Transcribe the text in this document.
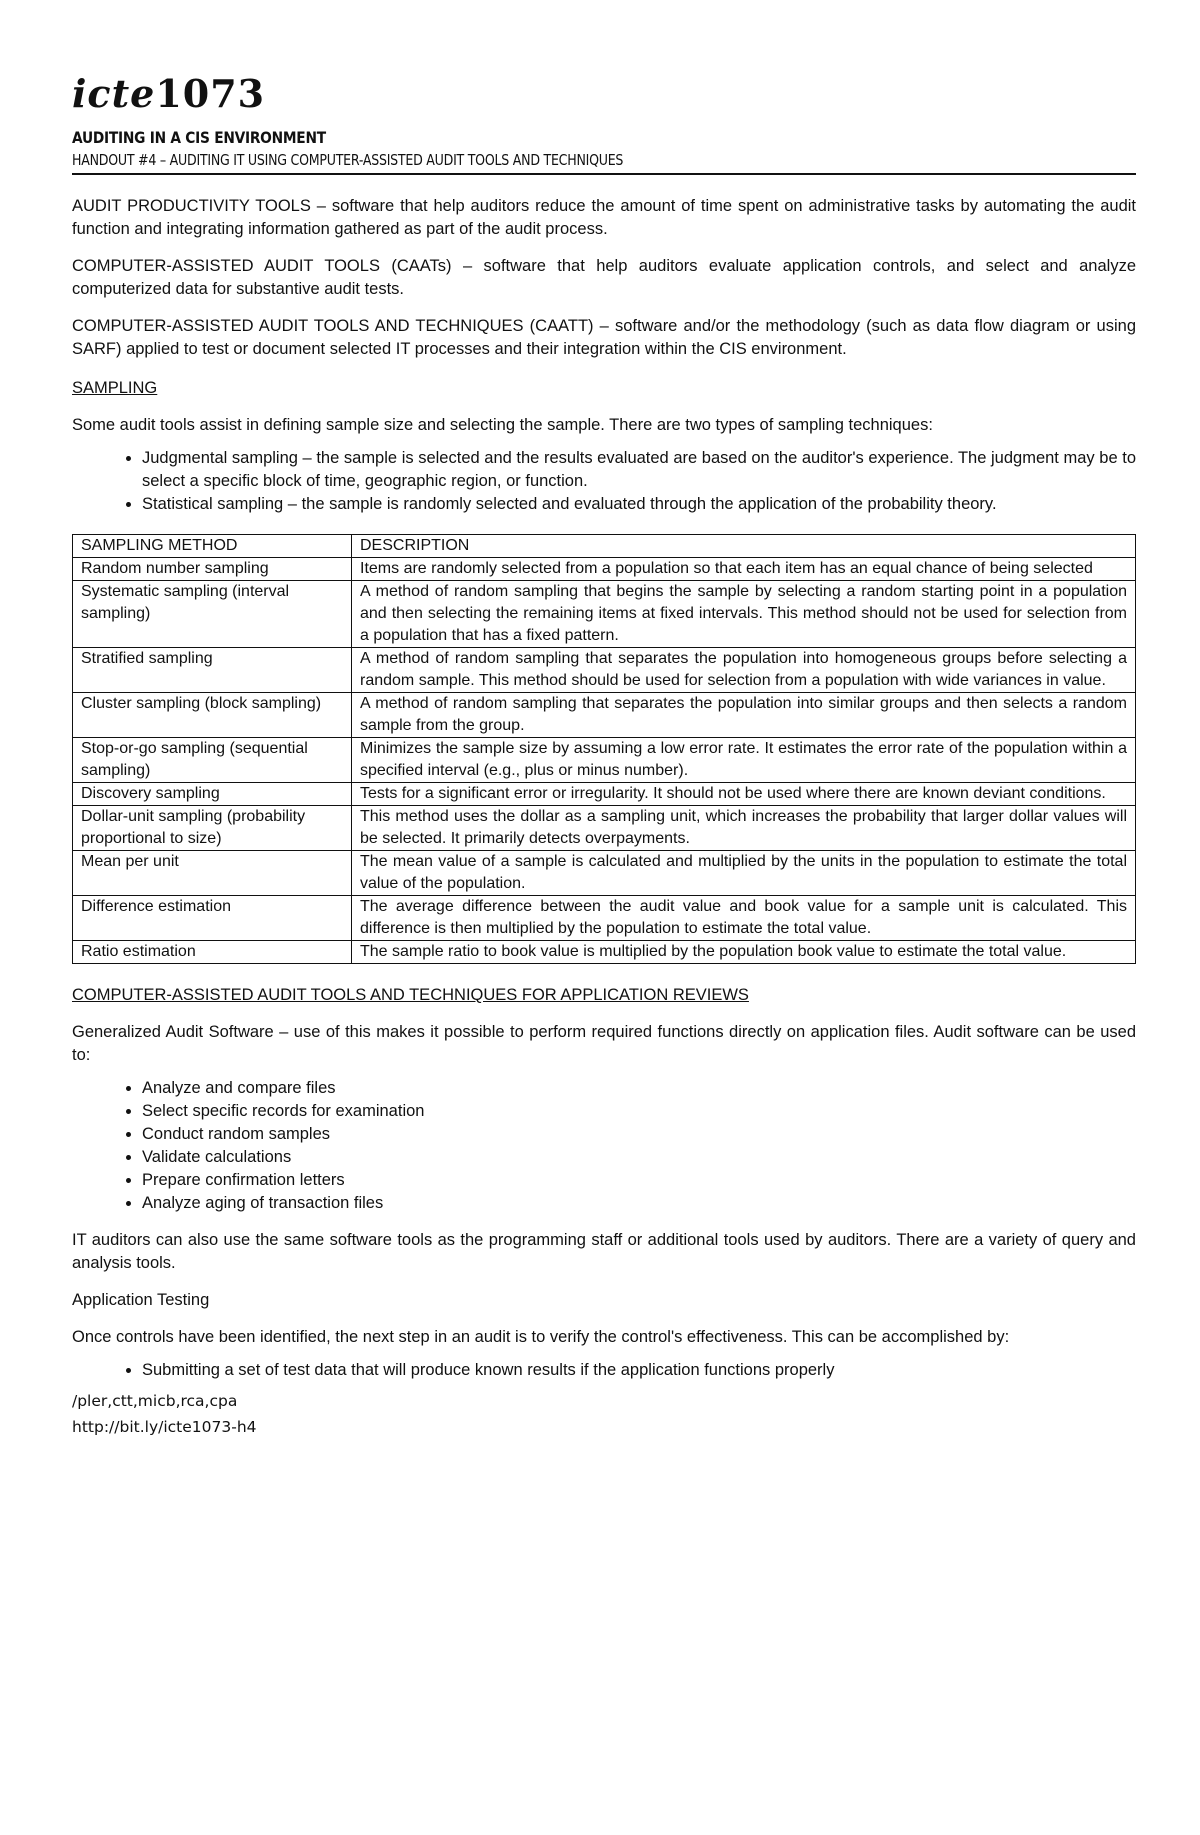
icte1073
AUDITING IN A CIS ENVIRONMENT
HANDOUT #4 – AUDITING IT USING COMPUTER-ASSISTED AUDIT TOOLS AND TECHNIQUES

AUDIT PRODUCTIVITY TOOLS – software that help auditors reduce the amount of time spent on administrative tasks by automating the audit function and integrating information gathered as part of the audit process.

COMPUTER-ASSISTED AUDIT TOOLS (CAATs) – software that help auditors evaluate application controls, and select and analyze computerized data for substantive audit tests.

COMPUTER-ASSISTED AUDIT TOOLS AND TECHNIQUES (CAATT) – software and/or the methodology (such as data flow diagram or using SARF) applied to test or document selected IT processes and their integration within the CIS environment.

SAMPLING

Some audit tools assist in defining sample size and selecting the sample. There are two types of sampling techniques:

• Judgmental sampling – the sample is selected and the results evaluated are based on the auditor's experience. The judgment may be to select a specific block of time, geographic region, or function.
• Statistical sampling – the sample is randomly selected and evaluated through the application of the probability theory.
SAMPLING METHOD	DESCRIPTION
Random number sampling	Items are randomly selected from a population so that each item has an equal chance of being selected
Systematic sampling (interval sampling)	A method of random sampling that begins the sample by selecting a random starting point in a population and then selecting the remaining items at fixed intervals. This method should not be used for selection from a population that has a fixed pattern.
Stratified sampling	A method of random sampling that separates the population into homogeneous groups before selecting a random sample. This method should be used for selection from a population with wide variances in value.
Cluster sampling (block sampling)	A method of random sampling that separates the population into similar groups and then selects a random sample from the group.
Stop-or-go sampling (sequential sampling)	Minimizes the sample size by assuming a low error rate. It estimates the error rate of the population within a specified interval (e.g., plus or minus number).
Discovery sampling	Tests for a significant error or irregularity. It should not be used where there are known deviant conditions.
Dollar-unit sampling (probability proportional to size)	This method uses the dollar as a sampling unit, which increases the probability that larger dollar values will be selected. It primarily detects overpayments.
Mean per unit	The mean value of a sample is calculated and multiplied by the units in the population to estimate the total value of the population.
Difference estimation	The average difference between the audit value and book value for a sample unit is calculated. This difference is then multiplied by the population to estimate the total value.
Ratio estimation	The sample ratio to book value is multiplied by the population book value to estimate the total value.
COMPUTER-ASSISTED AUDIT TOOLS AND TECHNIQUES FOR APPLICATION REVIEWS

Generalized Audit Software – use of this makes it possible to perform required functions directly on application files. Audit software can be used to:

• Analyze and compare files
• Select specific records for examination
• Conduct random samples
• Validate calculations
• Prepare confirmation letters
• Analyze aging of transaction files

IT auditors can also use the same software tools as the programming staff or additional tools used by auditors. There are a variety of query and analysis tools.

Application Testing

Once controls have been identified, the next step in an audit is to verify the control's effectiveness. This can be accomplished by:

• Submitting a set of test data that will produce known results if the application functions properly
/pler,ctt,micb,rca,cpa
http://bit.ly/icte1073-h4
